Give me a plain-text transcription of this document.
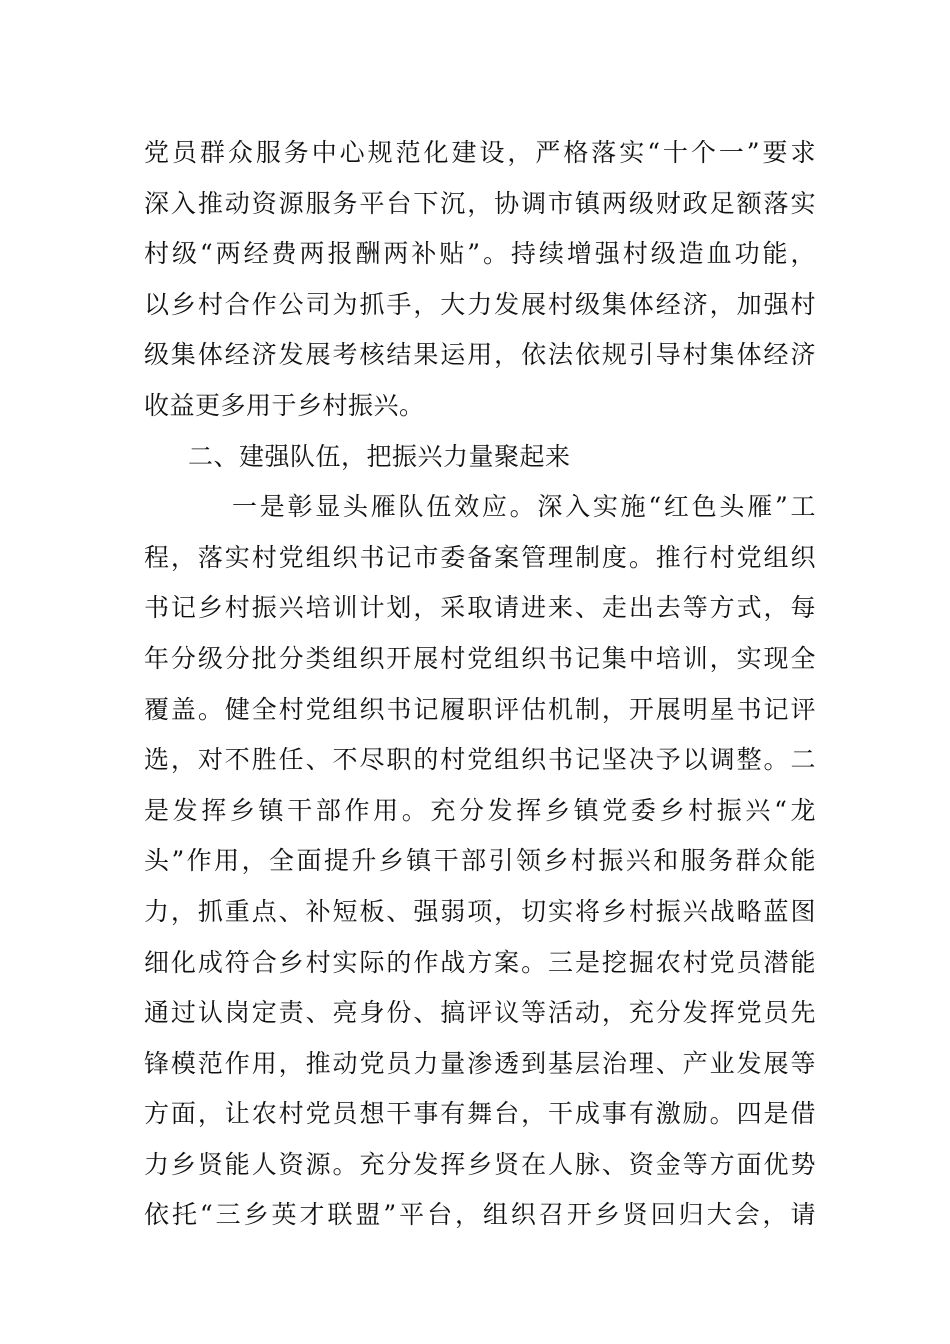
党员群众服务中心规范化建设，严格落实“十个一”要求
深入推动资源服务平台下沉，协调市镇两级财政足额落实
村级“两经费两报酬两补贴”。持续增强村级造血功能，
以乡村合作公司为抓手，大力发展村级集体经济，加强村
级集体经济发展考核结果运用，依法依规引导村集体经济
收益更多用于乡村振兴。
二、建强队伍，把振兴力量聚起来
一是彰显头雁队伍效应。深入实施“红色头雁”工
程，落实村党组织书记市委备案管理制度。推行村党组织
书记乡村振兴培训计划，采取请进来、走出去等方式，每
年分级分批分类组织开展村党组织书记集中培训，实现全
覆盖。健全村党组织书记履职评估机制，开展明星书记评
选，对不胜任、不尽职的村党组织书记坚决予以调整。二
是发挥乡镇干部作用。充分发挥乡镇党委乡村振兴“龙
头”作用，全面提升乡镇干部引领乡村振兴和服务群众能
力，抓重点、补短板、强弱项，切实将乡村振兴战略蓝图
细化成符合乡村实际的作战方案。三是挖掘农村党员潜能
通过认岗定责、亮身份、搞评议等活动，充分发挥党员先
锋模范作用，推动党员力量渗透到基层治理、产业发展等
方面，让农村党员想干事有舞台，干成事有激励。四是借
力乡贤能人资源。充分发挥乡贤在人脉、资金等方面优势
依托“三乡英才联盟”平台，组织召开乡贤回归大会，请
